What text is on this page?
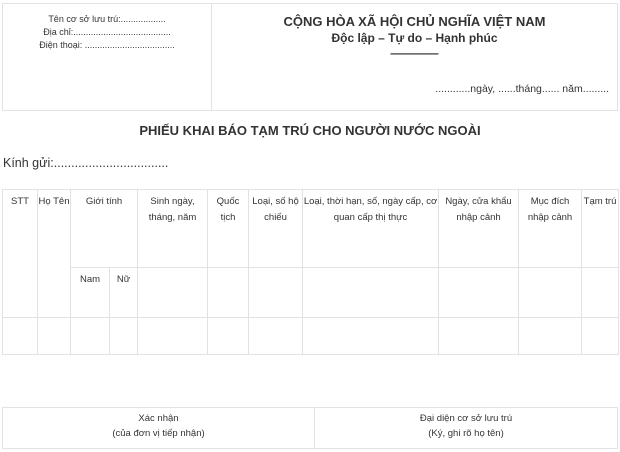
Tên cơ sở lưu trú:..................
Địa chỉ:.......................................
Điện thoại: ....................................

CỘNG HÒA XÃ HỘI CHỦ NGHĨA VIỆT NAM
Độc lập – Tự do – Hạnh phúc
————
............ngày, ......tháng...... năm.........
PHIẾU KHAI BÁO TẠM TRÚ CHO NGƯỜI NƯỚC NGOÀI
Kính gửi:.................................
STT	Họ Tên	Giới tính		Sinh ngày, tháng, năm	Quốc tịch	Loại, số hộ chiếu	Loại, thời hạn, số, ngày cấp, cơ quan cấp thị thực	Ngày, cửa khẩu nhập cảnh	Mục đích nhập cảnh	Tạm trú
		Nam	Nữ							

Xác nhận
(của đơn vị tiếp nhận)

Đại diện cơ sở lưu trú
(Ký, ghi rõ họ tên)
